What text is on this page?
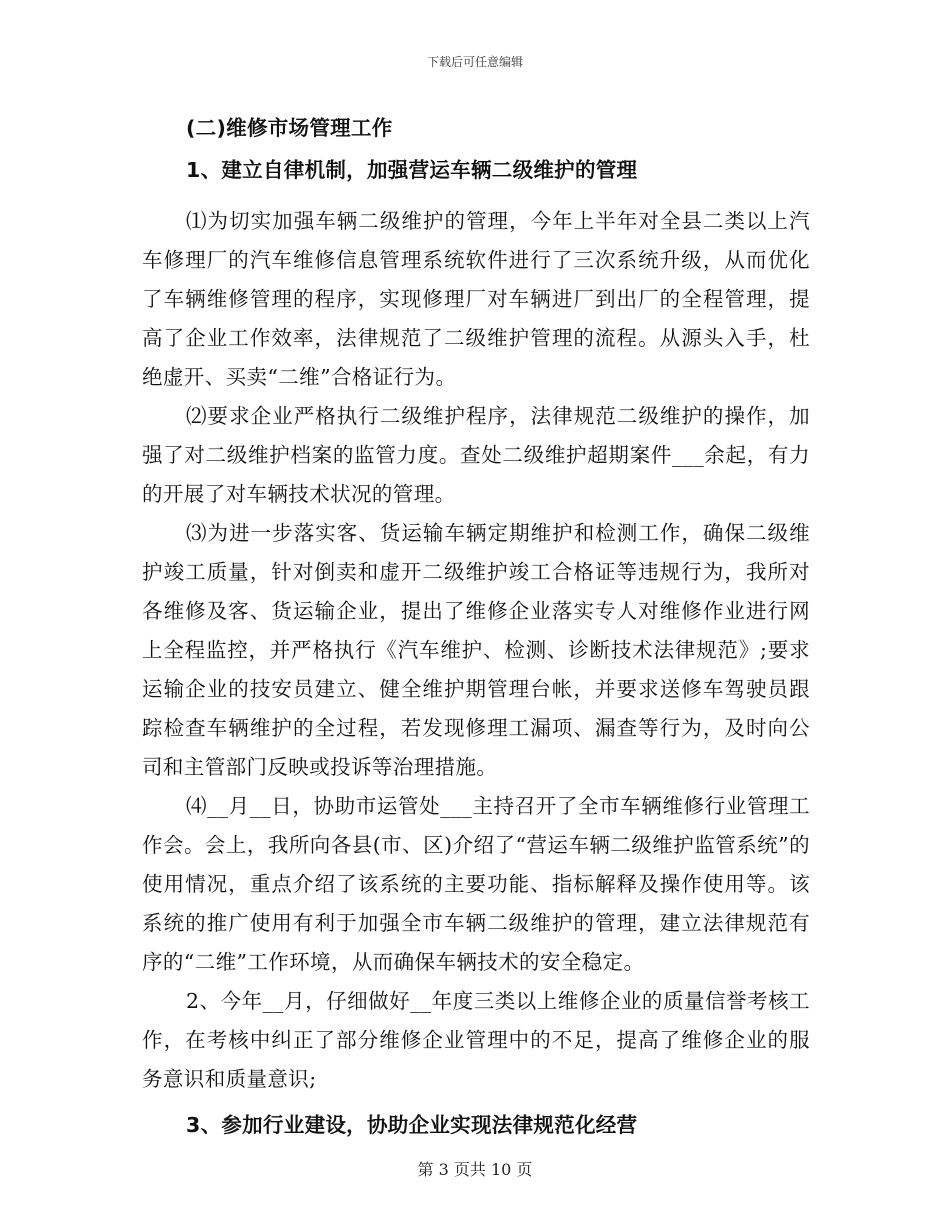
下载后可任意编辑
(二)维修市场管理工作
1、建立自律机制，加强营运车辆二级维护的管理

⑴为切实加强车辆二级维护的管理，今年上半年对全县二类以上汽车修理厂的汽车维修信息管理系统软件进行了三次系统升级，从而优化了车辆维修管理的程序，实现修理厂对车辆进厂到出厂的全程管理，提高了企业工作效率，法律规范了二级维护管理的流程。从源头入手，杜绝虚开、买卖“二维”合格证行为。

⑵要求企业严格执行二级维护程序，法律规范二级维护的操作，加强了对二级维护档案的监管力度。查处二级维护超期案件___余起，有力的开展了对车辆技术状况的管理。

⑶为进一步落实客、货运输车辆定期维护和检测工作，确保二级维护竣工质量，针对倒卖和虚开二级维护竣工合格证等违规行为，我所对各维修及客、货运输企业，提出了维修企业落实专人对维修作业进行网上全程监控，并严格执行《汽车维护、检测、诊断技术法律规范》;要求运输企业的技安员建立、健全维护期管理台帐，并要求送修车驾驶员跟踪检查车辆维护的全过程，若发现修理工漏项、漏查等行为，及时向公司和主管部门反映或投诉等治理措施。

⑷__月__日，协助市运管处___主持召开了全市车辆维修行业管理工作会。会上，我所向各县(市、区)介绍了“营运车辆二级维护监管系统”的使用情况，重点介绍了该系统的主要功能、指标解释及操作使用等。该系统的推广使用有利于加强全市车辆二级维护的管理，建立法律规范有序的“二维”工作环境，从而确保车辆技术的安全稳定。

2、今年__月，仔细做好__年度三类以上维修企业的质量信誉考核工作，在考核中纠正了部分维修企业管理中的不足，提高了维修企业的服务意识和质量意识;

3、参加行业建设，协助企业实现法律规范化经营
第 3 页共 10 页
